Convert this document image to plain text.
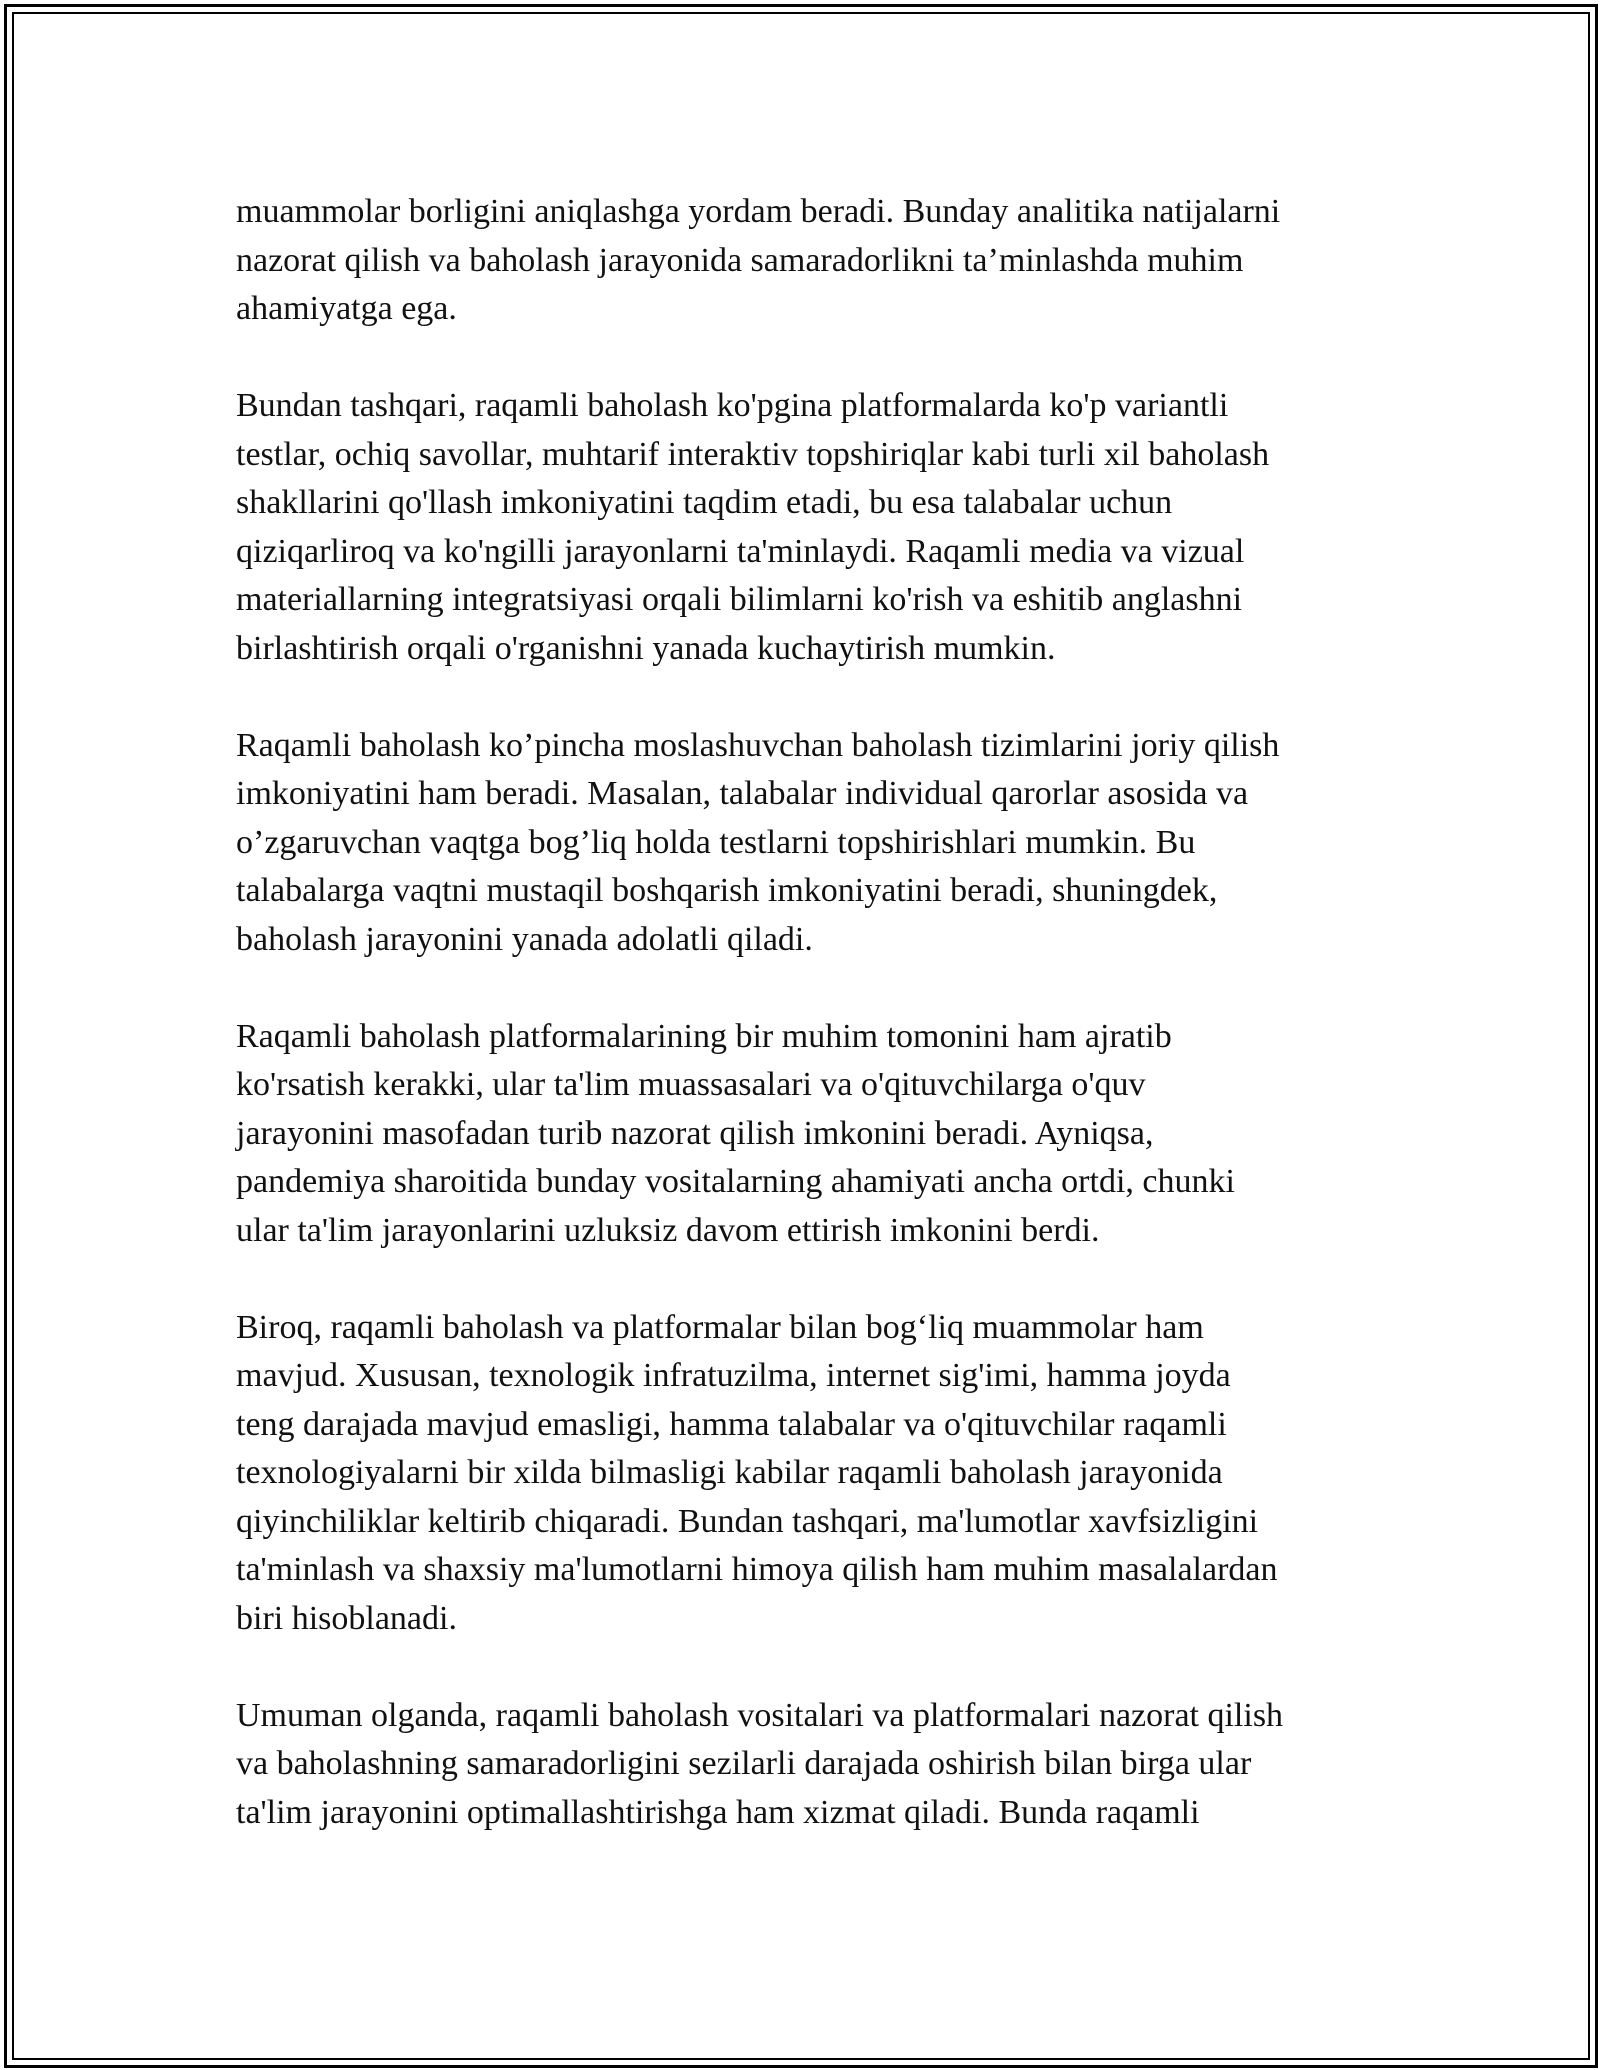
muammolar borligini aniqlashga yordam beradi. Bunday analitika natijalarni
nazorat qilish va baholash jarayonida samaradorlikni ta’minlashda muhim
ahamiyatga ega.

Bundan tashqari, raqamli baholash ko'pgina platformalarda ko'p variantli
testlar, ochiq savollar, muhtarif interaktiv topshiriqlar kabi turli xil baholash
shakllarini qo'llash imkoniyatini taqdim etadi, bu esa talabalar uchun
qiziqarliroq va ko'ngilli jarayonlarni ta'minlaydi. Raqamli media va vizual
materiallarning integratsiyasi orqali bilimlarni ko'rish va eshitib anglashni
birlashtirish orqali o'rganishni yanada kuchaytirish mumkin.

Raqamli baholash ko’pincha moslashuvchan baholash tizimlarini joriy qilish
imkoniyatini ham beradi. Masalan, talabalar individual qarorlar asosida va
o’zgaruvchan vaqtga bog’liq holda testlarni topshirishlari mumkin. Bu
talabalarga vaqtni mustaqil boshqarish imkoniyatini beradi, shuningdek,
baholash jarayonini yanada adolatli qiladi.

Raqamli baholash platformalarining bir muhim tomonini ham ajratib
ko'rsatish kerakki, ular ta'lim muassasalari va o'qituvchilarga o'quv
jarayonini masofadan turib nazorat qilish imkonini beradi. Ayniqsa,
pandemiya sharoitida bunday vositalarning ahamiyati ancha ortdi, chunki
ular ta'lim jarayonlarini uzluksiz davom ettirish imkonini berdi.

Biroq, raqamli baholash va platformalar bilan bog‘liq muammolar ham
mavjud. Xususan, texnologik infratuzilma, internet sig'imi, hamma joyda
teng darajada mavjud emasligi, hamma talabalar va o'qituvchilar raqamli
texnologiyalarni bir xilda bilmasligi kabilar raqamli baholash jarayonida
qiyinchiliklar keltirib chiqaradi. Bundan tashqari, ma'lumotlar xavfsizligini
ta'minlash va shaxsiy ma'lumotlarni himoya qilish ham muhim masalalardan
biri hisoblanadi.

Umuman olganda, raqamli baholash vositalari va platformalari nazorat qilish
va baholashning samaradorligini sezilarli darajada oshirish bilan birga ular
ta'lim jarayonini optimallashtirishga ham xizmat qiladi. Bunda raqamli
